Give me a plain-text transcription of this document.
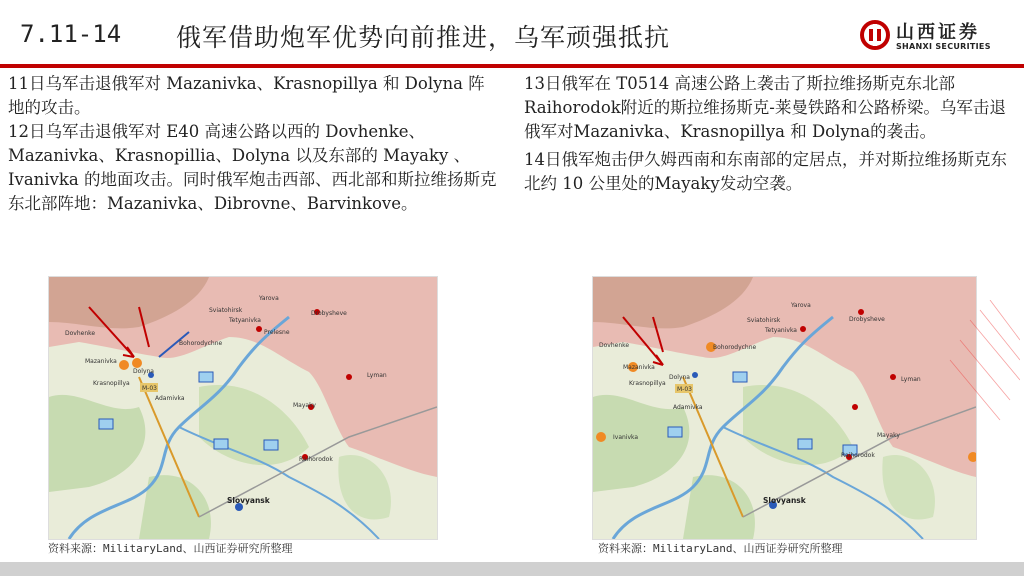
7.11-14 俄军借助炮军优势向前推进，乌军顽强抵抗	山西证券
SHANXI SECURITIES

11日乌军击退俄军对 Mazanivka、Krasnopillya 和 Dolyna 阵地的攻击。

12日乌军击退俄军对 E40 高速公路以西的 Dovhenke、Mazanivka、Krasnopillia、Dolyna 以及东部的 Mayaky 、Ivanivka 的地面攻击。同时俄军炮击西部、西北部和斯拉维扬斯克东北部阵地：Mazanivka、Dibrovne、Barvinkove。

13日俄军在 T0514 高速公路上袭击了斯拉维扬斯克东北部 Raihorodok附近的斯拉维扬斯克-莱曼铁路和公路桥梁。乌军击退俄军对Mazanivka、Krasnopillya 和 Dolyna的袭击。

14日俄军炮击伊久姆西南和东南部的定居点，并对斯拉维扬斯克东北约 10 公里处的Mayaky发动空袭。

Dovhenke
Mazanivka
Krasnopillya
Dolyna
Adamivka
Slovyansk
Raihorodok
Mayaky
Yarova
Drobysheve
Lyman
Bohorodychne
Sviatohirsk
Tetyanivka
Prelesne
M-03
Dovhenke
Mazanivka
Krasnopillya
Dolyna
Adamivka
Ivanivka
Slovyansk
Raihorodok
Mayaky
Yarova
Drobysheve
Lyman
Bohorodychne
Sviatohirsk
Tetyanivka
M-03
资料来源：MilitaryLand、山西证券研究所整理	资料来源：MilitaryLand、山西证券研究所整理
